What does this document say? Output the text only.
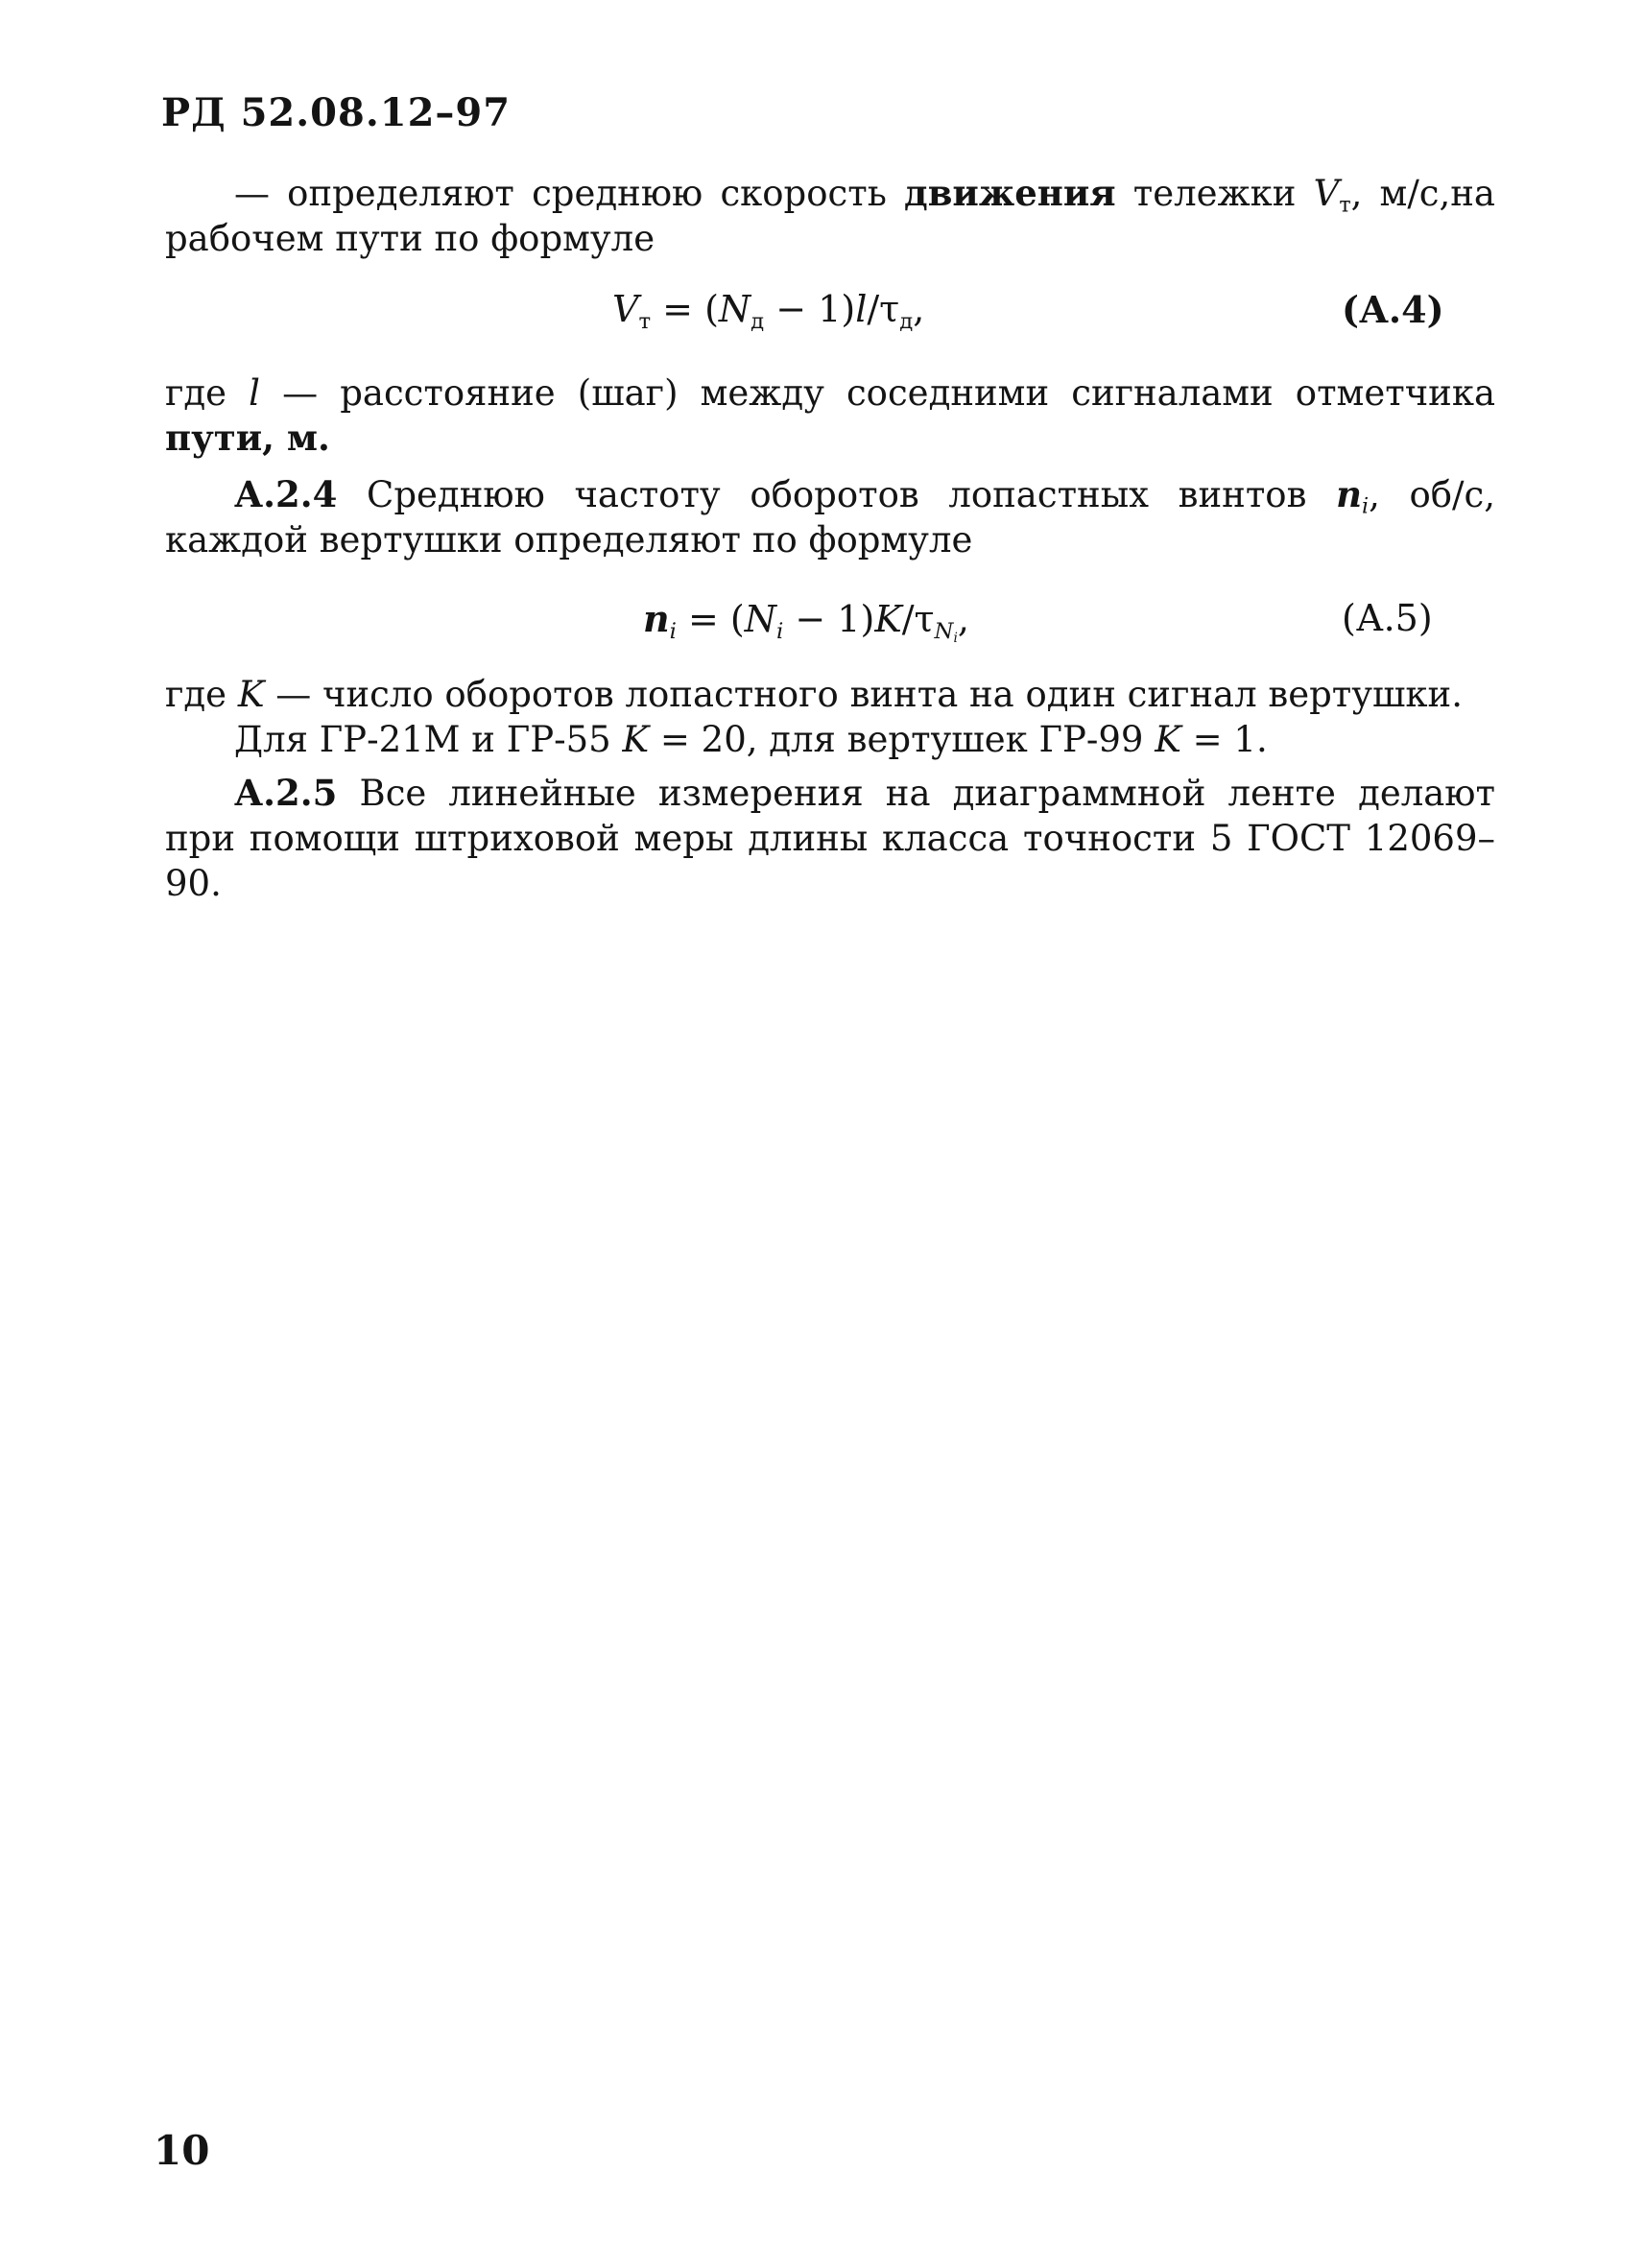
РД 52.08.12–97
— определяют среднюю скорость движения тележки $V_т$, м/с,на рабочем пути по формуле
$V_т = (N_д - 1)l/\tau_д$,	(А.4)
где l — расстояние (шаг) между соседними сигналами отметчика пути, м.
А.2.4 Среднюю частоту оборотов лопастных винтов $n_i$, об/с, каждой вертушки определяют по формуле
$n_i = (N_i - 1)K/\tau_{N_i}$,	(А.5)
где K — число оборотов лопастного винта на один сигнал вертушки.
Для ГР-21М и ГР-55 K = 20, для вертушек ГР-99 K = 1.
А.2.5 Все линейные измерения на диаграммной ленте делают при помощи штриховой меры длины класса точности 5 ГОСТ 12069–90.
10
